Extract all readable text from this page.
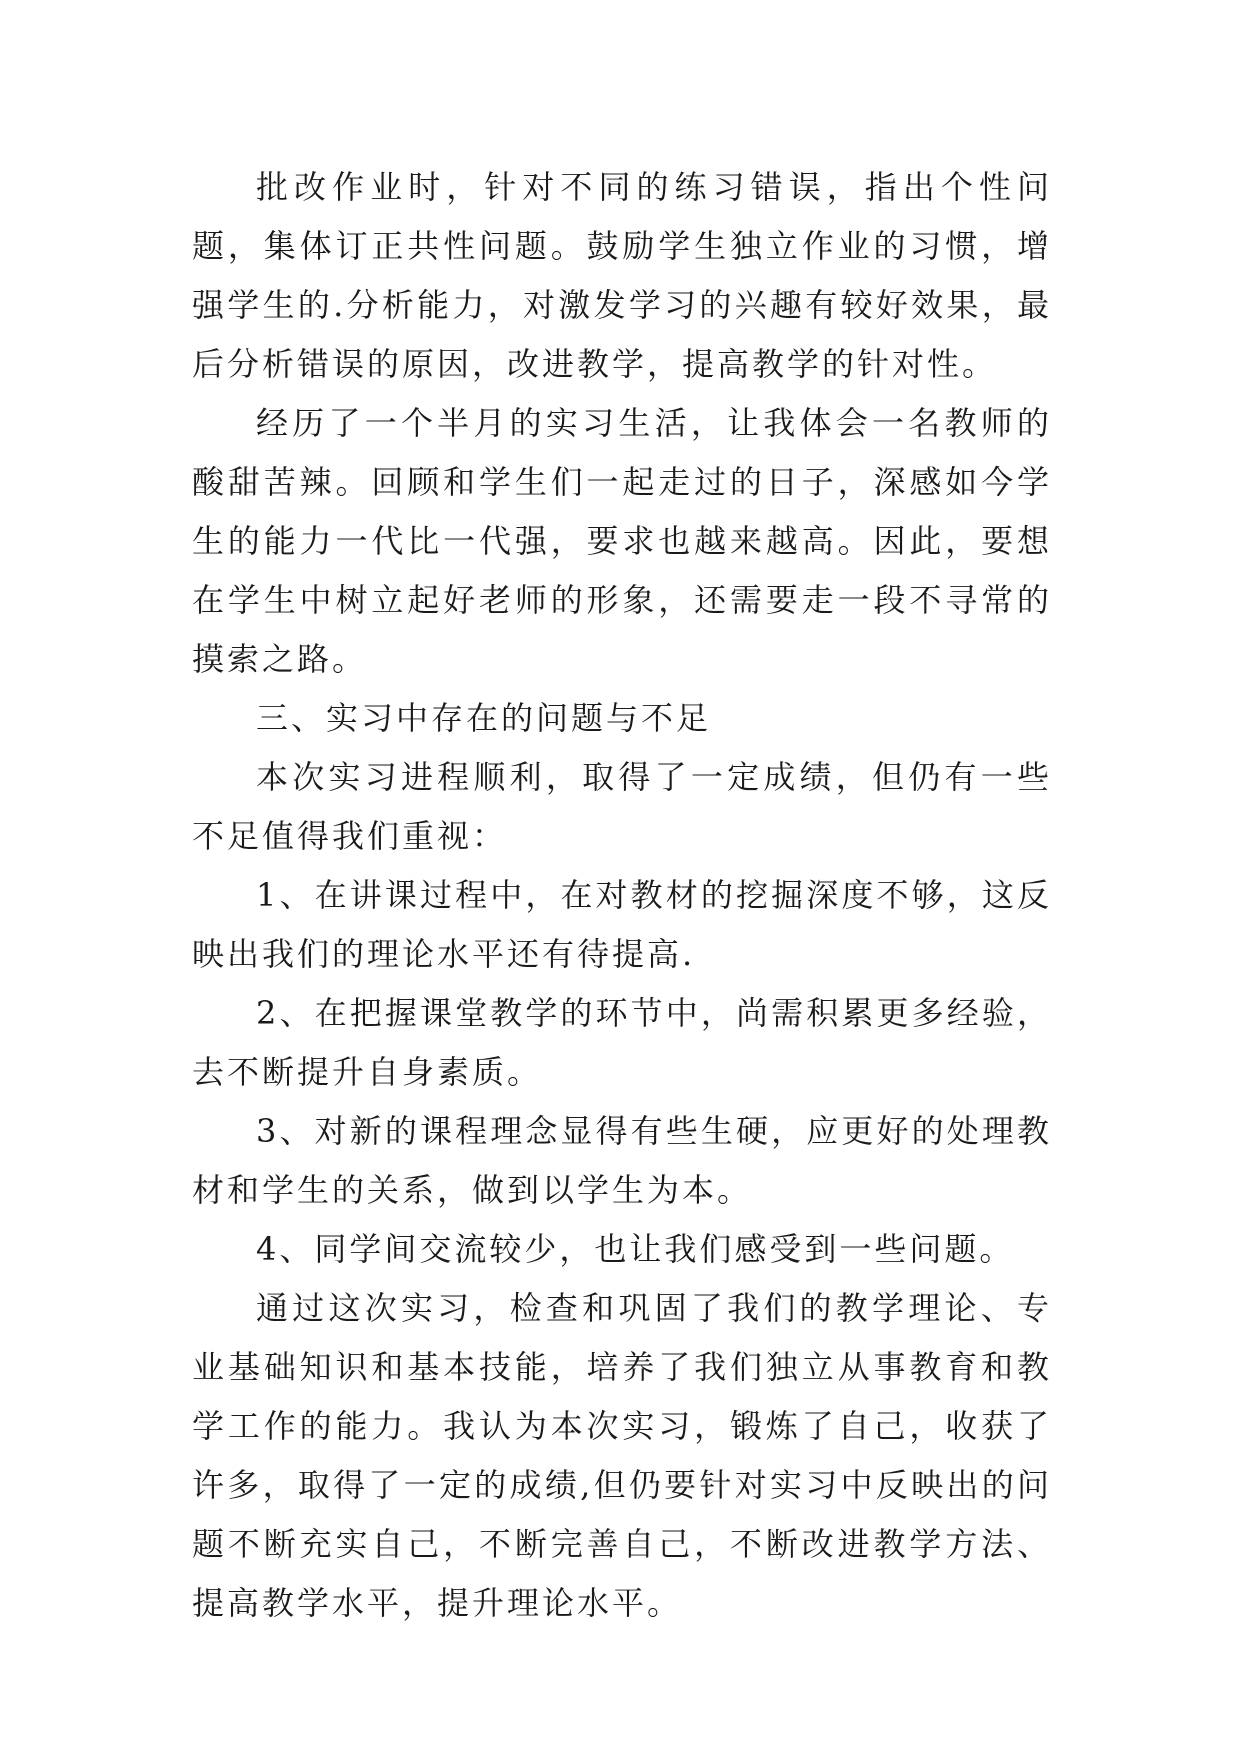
批改作业时，针对不同的练习错误，指出个性问题，集体订正共性问题。鼓励学生独立作业的习惯，增强学生的.分析能力，对激发学习的兴趣有较好效果，最后分析错误的原因，改进教学，提高教学的针对性。

经历了一个半月的实习生活，让我体会一名教师的酸甜苦辣。回顾和学生们一起走过的日子，深感如今学生的能力一代比一代强，要求也越来越高。因此，要想在学生中树立起好老师的形象，还需要走一段不寻常的摸索之路。

三、实习中存在的问题与不足

本次实习进程顺利，取得了一定成绩，但仍有一些不足值得我们重视：

1、在讲课过程中，在对教材的挖掘深度不够，这反映出我们的理论水平还有待提高.

2、在把握课堂教学的环节中，尚需积累更多经验，去不断提升自身素质。

3、对新的课程理念显得有些生硬，应更好的处理教材和学生的关系，做到以学生为本。

4、同学间交流较少，也让我们感受到一些问题。

通过这次实习，检查和巩固了我们的教学理论、专业基础知识和基本技能，培养了我们独立从事教育和教学工作的能力。我认为本次实习，锻炼了自己，收获了许多，取得了一定的成绩,但仍要针对实习中反映出的问题不断充实自己，不断完善自己，不断改进教学方法、提高教学水平，提升理论水平。
